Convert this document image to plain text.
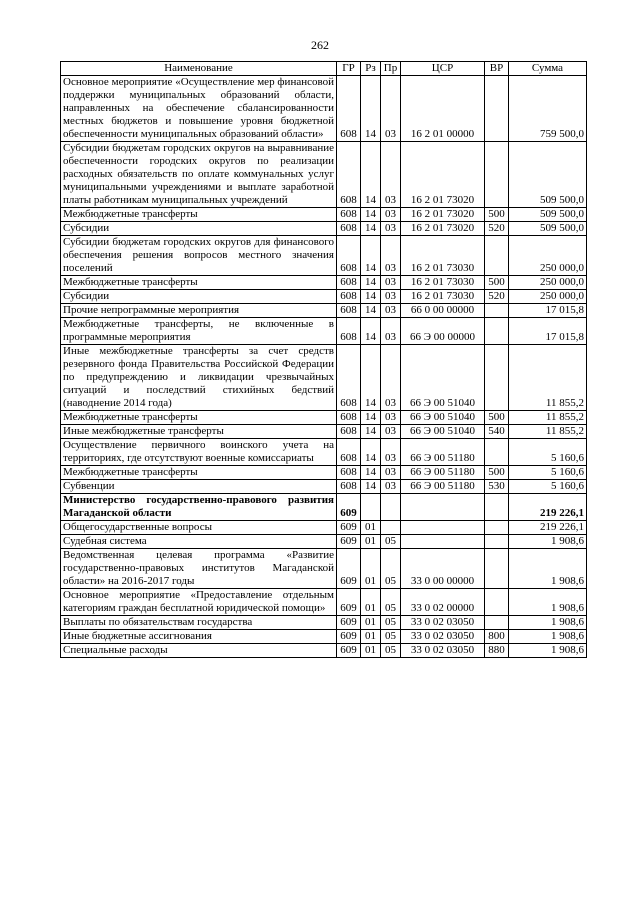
262
Наименование	ГР	Рз	Пр	ЦСР	ВР	Сумма
Основное мероприятие «Осуществление мер финансовой поддержки муниципальных образований области, направленных на обеспечение сбалансированности местных бюджетов и повышение уровня бюджетной обеспеченности муниципальных образований области»	608	14	03	16 2 01 00000		759 500,0
Субсидии бюджетам городских округов на выравнивание обеспеченности городских округов по реализации расходных обязательств по оплате коммунальных услуг муниципальными учреждениями и выплате заработной платы работникам муниципальных учреждений	608	14	03	16 2 01 73020		509 500,0
Межбюджетные трансферты	608	14	03	16 2 01 73020	500	509 500,0
Субсидии	608	14	03	16 2 01 73020	520	509 500,0
Субсидии бюджетам городских округов для финансового обеспечения решения вопросов местного значения поселений	608	14	03	16 2 01 73030		250 000,0
Межбюджетные трансферты	608	14	03	16 2 01 73030	500	250 000,0
Субсидии	608	14	03	16 2 01 73030	520	250 000,0
Прочие непрограммные мероприятия	608	14	03	66 0 00 00000		17 015,8
Межбюджетные трансферты, не включенные в программные мероприятия	608	14	03	66 Э 00 00000		17 015,8
Иные межбюджетные трансферты за счет средств резервного фонда Правительства Российской Федерации по предупреждению и ликвидации чрезвычайных ситуаций и последствий стихийных бедствий (наводнение 2014 года)	608	14	03	66 Э 00 51040		11 855,2
Межбюджетные трансферты	608	14	03	66 Э 00 51040	500	11 855,2
Иные межбюджетные трансферты	608	14	03	66 Э 00 51040	540	11 855,2
Осуществление первичного воинского учета на территориях, где отсутствуют военные комиссариаты	608	14	03	66 Э 00 51180		5 160,6
Межбюджетные трансферты	608	14	03	66 Э 00 51180	500	5 160,6
Субвенции	608	14	03	66 Э 00 51180	530	5 160,6
Министерство государственно-правового развития Магаданской области	609					219 226,1
Общегосударственные вопросы	609	01				219 226,1
Судебная система	609	01	05			1 908,6
Ведомственная целевая программа «Развитие государственно-правовых институтов Магаданской области» на 2016-2017 годы	609	01	05	33 0 00 00000		1 908,6
Основное мероприятие «Предоставление отдельным категориям граждан бесплатной юридической помощи»	609	01	05	33 0 02 00000		1 908,6
Выплаты по обязательствам государства	609	01	05	33 0 02 03050		1 908,6
Иные бюджетные ассигнования	609	01	05	33 0 02 03050	800	1 908,6
Специальные расходы	609	01	05	33 0 02 03050	880	1 908,6
